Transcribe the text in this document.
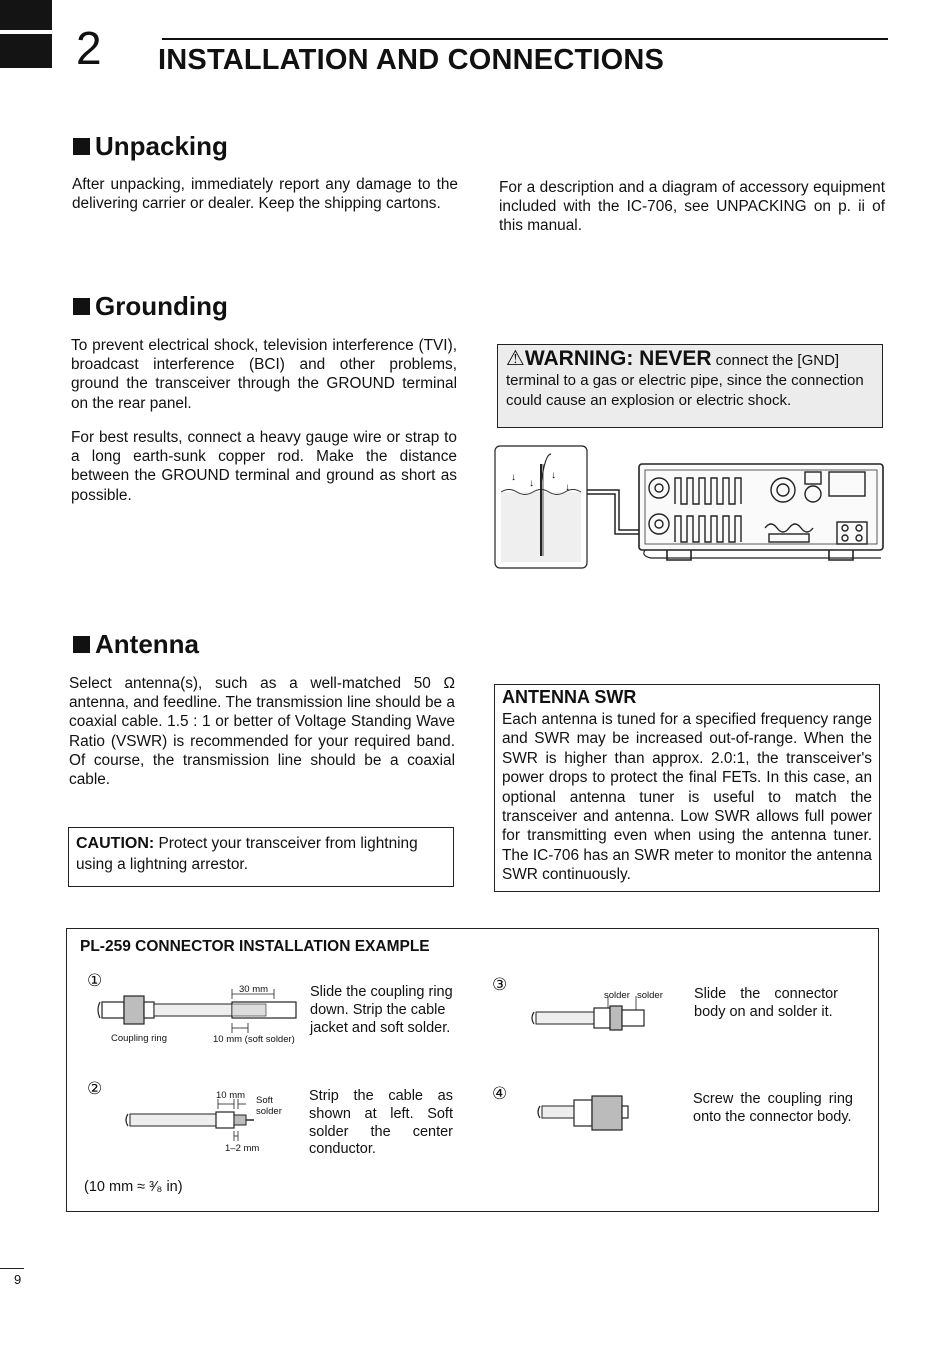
2 INSTALLATION AND CONNECTIONS
Unpacking
After unpacking, immediately report any damage to the delivering carrier or dealer. Keep the shipping cartons.
For a description and a diagram of accessory equipment included with the IC-706, see UNPACKING on p. ii of this manual.
Grounding
To prevent electrical shock, television interference (TVI), broadcast interference (BCI) and other problems, ground the transceiver through the GROUND terminal on the rear panel.
For best results, connect a heavy gauge wire or strap to a long earth-sunk copper rod. Make the distance between the GROUND terminal and ground as short as possible.
⚠WARNING: NEVER connect the [GND] terminal to a gas or electric pipe, since the connection could cause an explosion or electric shock.
↓
↓
↓
↓
Antenna
Select antenna(s), such as a well-matched 50 Ω antenna, and feedline. The transmission line should be a coaxial cable. 1.5 : 1 or better of Voltage Standing Wave Ratio (VSWR) is recommended for your required band. Of course, the transmission line should be a coaxial cable.
CAUTION: Protect your transceiver from lightning using a lightning arrestor.
ANTENNA SWR
Each antenna is tuned for a specified frequency range and SWR may be increased out-of-range. When the SWR is higher than approx. 2.0:1, the transceiver's power drops to protect the final FETs. In this case, an optional antenna tuner is useful to match the transceiver and antenna. Low SWR allows full power for transmitting even when using the antenna tuner. The IC-706 has an SWR meter to monitor the antenna SWR continuously.
PL-259 CONNECTOR INSTALLATION EXAMPLE
①	30 mm
Coupling ring	10 mm (soft solder)
Slide the coupling ring down. Strip the cable jacket and soft solder.
②	10 mm Soft solder
1–2 mm
Strip the cable as shown at left. Soft solder the center conductor.
(10 mm ≈ ³⁄₈ in)
③
solder solder Slide the connector body on and solder it.
④	Screw the coupling ring onto the connector body.
9
